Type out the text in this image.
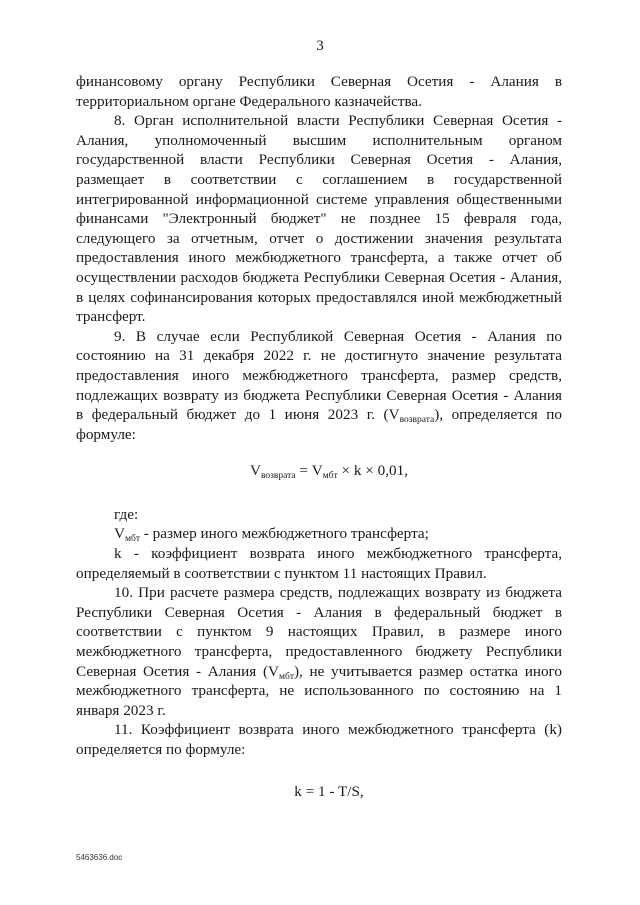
3

финансовому органу Республики Северная Осетия - Алания в территориальном органе Федерального казначейства.

8. Орган исполнительной власти Республики Северная Осетия - Алания, уполномоченный высшим исполнительным органом государственной власти Республики Северная Осетия - Алания, размещает в соответствии с соглашением в государственной интегрированной информационной системе управления общественными финансами "Электронный бюджет" не позднее 15 февраля года, следующего за отчетным, отчет о достижении значения результата предоставления иного межбюджетного трансферта, а также отчет об осуществлении расходов бюджета Республики Северная Осетия - Алания, в целях софинансирования которых предоставлялся иной межбюджетный трансферт.

9. В случае если Республикой Северная Осетия - Алания по состоянию на 31 декабря 2022 г. не достигнуто значение результата предоставления иного межбюджетного трансферта, размер средств, подлежащих возврату из бюджета Республики Северная Осетия - Алания в федеральный бюджет до 1 июня 2023 г. $(V_{возврата})$, определяется по формуле:

$V_{возврата} = V_{мбт} \times k \times 0,01$,

где:

$V_{мбт}$ - размер иного межбюджетного трансферта;

k - коэффициент возврата иного межбюджетного трансферта, определяемый в соответствии с пунктом 11 настоящих Правил.

10. При расчете размера средств, подлежащих возврату из бюджета Республики Северная Осетия - Алания в федеральный бюджет в соответствии с пунктом 9 настоящих Правил, в размере иного межбюджетного трансферта, предоставленного бюджету Республики Северная Осетия - Алания $(V_{мбт})$, не учитывается размер остатка иного межбюджетного трансферта, не использованного по состоянию на 1 января 2023 г.

11. Коэффициент возврата иного межбюджетного трансферта (k) определяется по формуле:

k = 1 - T/S,

5463636.doc
